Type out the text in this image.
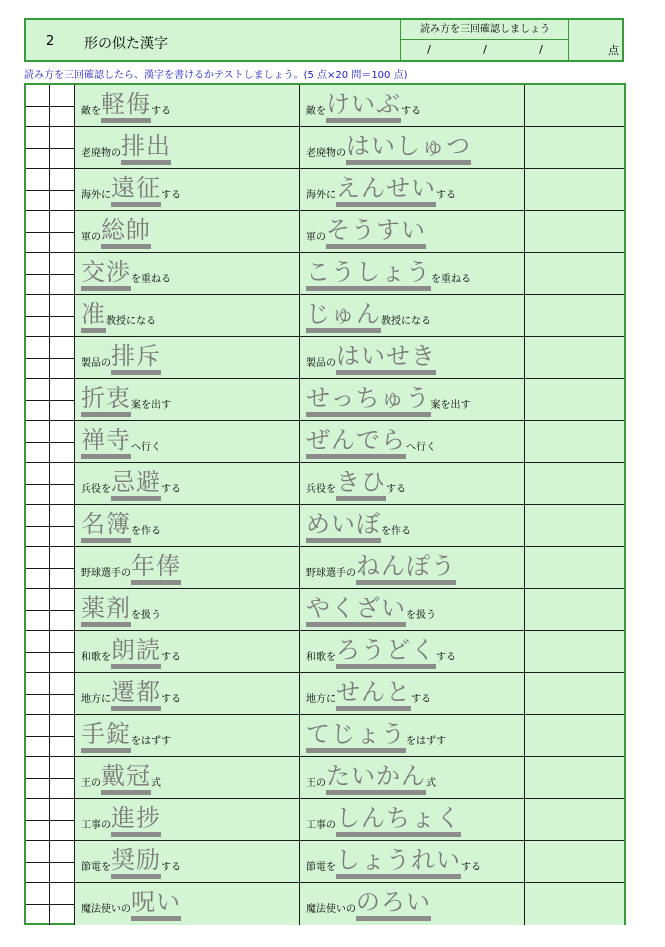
2 形の似た漢字
読み方を三回確認しましょう
/	/	/	点
読み方を三回確認したら、漢字を書けるかテストしましょう。(5 点×20 問＝100 点)
敵を 軽侮 する	敵を けいぶ する
老廃物の 排出	老廃物の はいしゅつ
海外に 遠征 する	海外に えんせい する
軍の 総帥	軍の そうすい
交渉 を重ねる	こうしょう を重ねる
准 教授になる	じゅん 教授になる
製品の 排斥	製品の はいせき
折衷 案を出す	せっちゅう 案を出す
禅寺 へ行く	ぜんでら へ行く
兵役を 忌避 する	兵役を きひ する
名簿 を作る	めいぼ を作る
野球選手の 年俸	野球選手の ねんぽう
薬剤 を扱う	やくざい を扱う
和歌を 朗読 する	和歌を ろうどく する
地方に 遷都 する	地方に せんと する
手錠 をはずす	てじょう をはずす
王の 戴冠 式	王の たいかん 式
工事の 進捗	工事の しんちょく
節電を 奨励 する	節電を しょうれい する
魔法使いの 呪い	魔法使いの のろい
